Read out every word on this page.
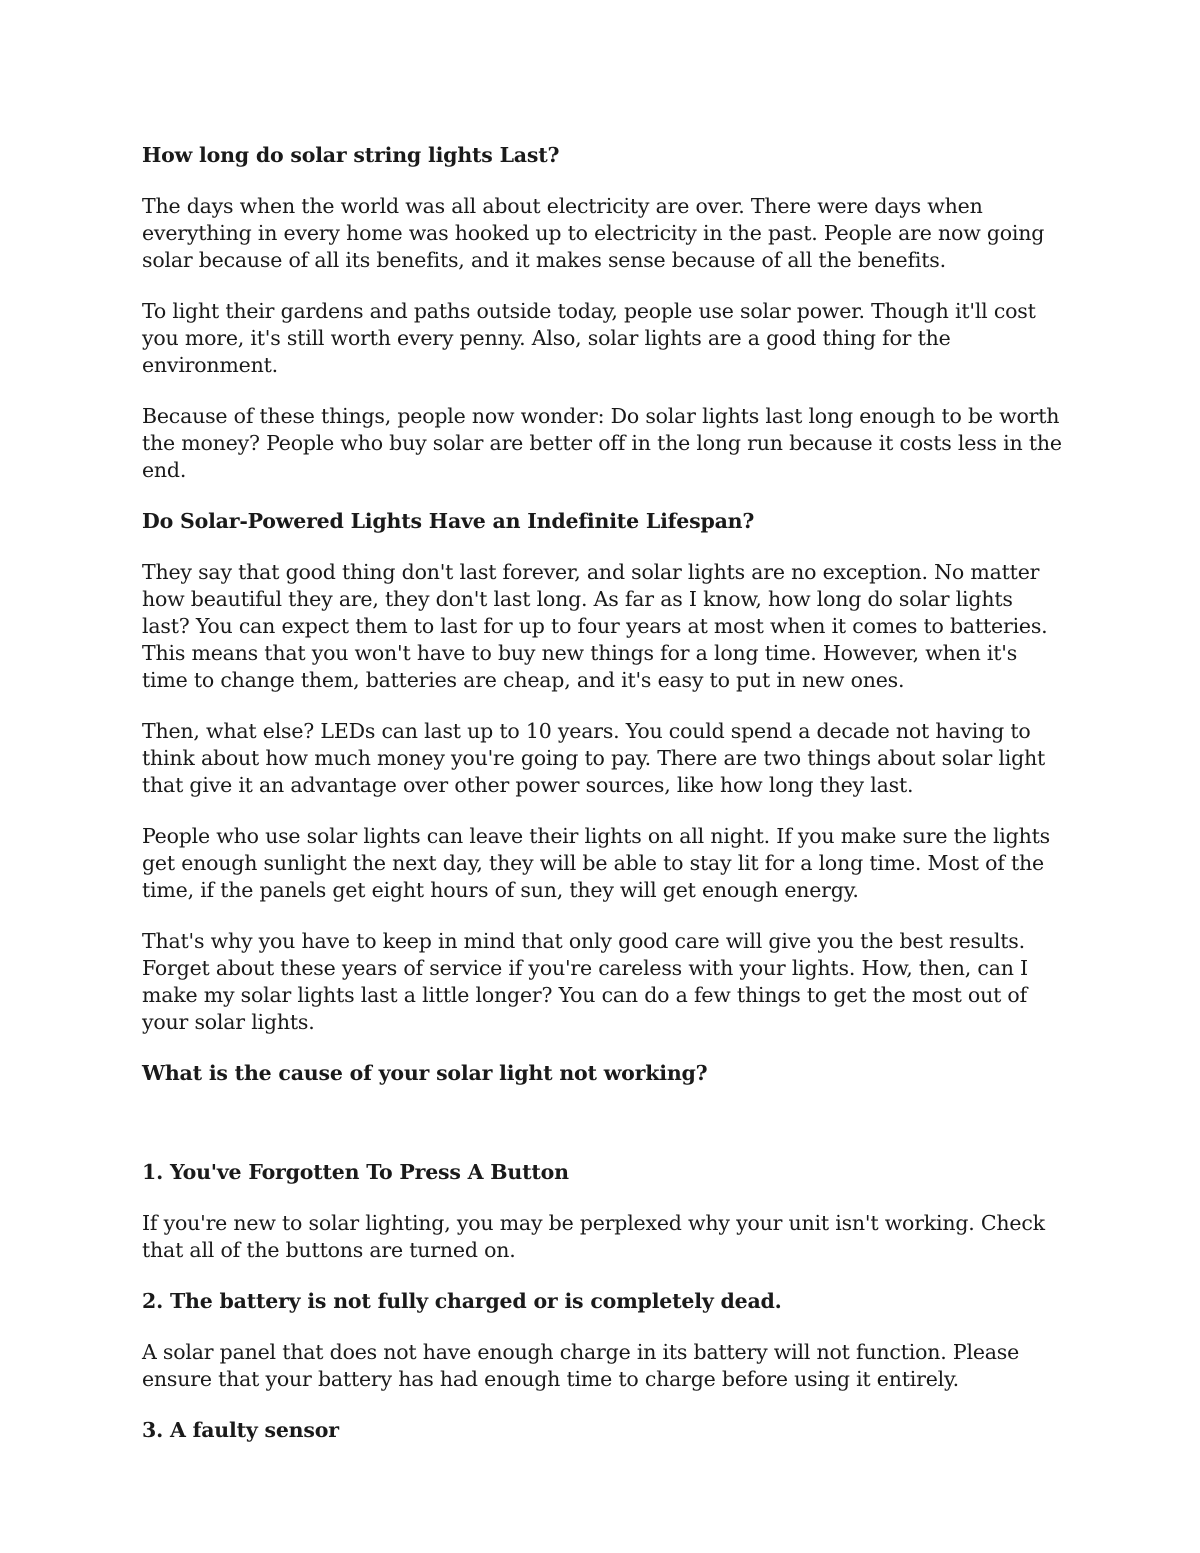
How long do solar string lights Last?

The days when the world was all about electricity are over. There were days when everything in every home was hooked up to electricity in the past. People are now going solar because of all its benefits, and it makes sense because of all the benefits.

To light their gardens and paths outside today, people use solar power. Though it'll cost you more, it's still worth every penny. Also, solar lights are a good thing for the environment.

Because of these things, people now wonder: Do solar lights last long enough to be worth the money? People who buy solar are better off in the long run because it costs less in the end.

Do Solar-Powered Lights Have an Indefinite Lifespan?

They say that good thing don't last forever, and solar lights are no exception. No matter how beautiful they are, they don't last long. As far as I know, how long do solar lights last? You can expect them to last for up to four years at most when it comes to batteries. This means that you won't have to buy new things for a long time. However, when it's time to change them, batteries are cheap, and it's easy to put in new ones.

Then, what else? LEDs can last up to 10 years. You could spend a decade not having to think about how much money you're going to pay. There are two things about solar light that give it an advantage over other power sources, like how long they last.

People who use solar lights can leave their lights on all night. If you make sure the lights get enough sunlight the next day, they will be able to stay lit for a long time. Most of the time, if the panels get eight hours of sun, they will get enough energy.

That's why you have to keep in mind that only good care will give you the best results. Forget about these years of service if you're careless with your lights. How, then, can I make my solar lights last a little longer? You can do a few things to get the most out of your solar lights.

What is the cause of your solar light not working?
1. You've Forgotten To Press A Button

If you're new to solar lighting, you may be perplexed why your unit isn't working. Check that all of the buttons are turned on.

2. The battery is not fully charged or is completely dead.

A solar panel that does not have enough charge in its battery will not function. Please ensure that your battery has had enough time to charge before using it entirely.

3. A faulty sensor
